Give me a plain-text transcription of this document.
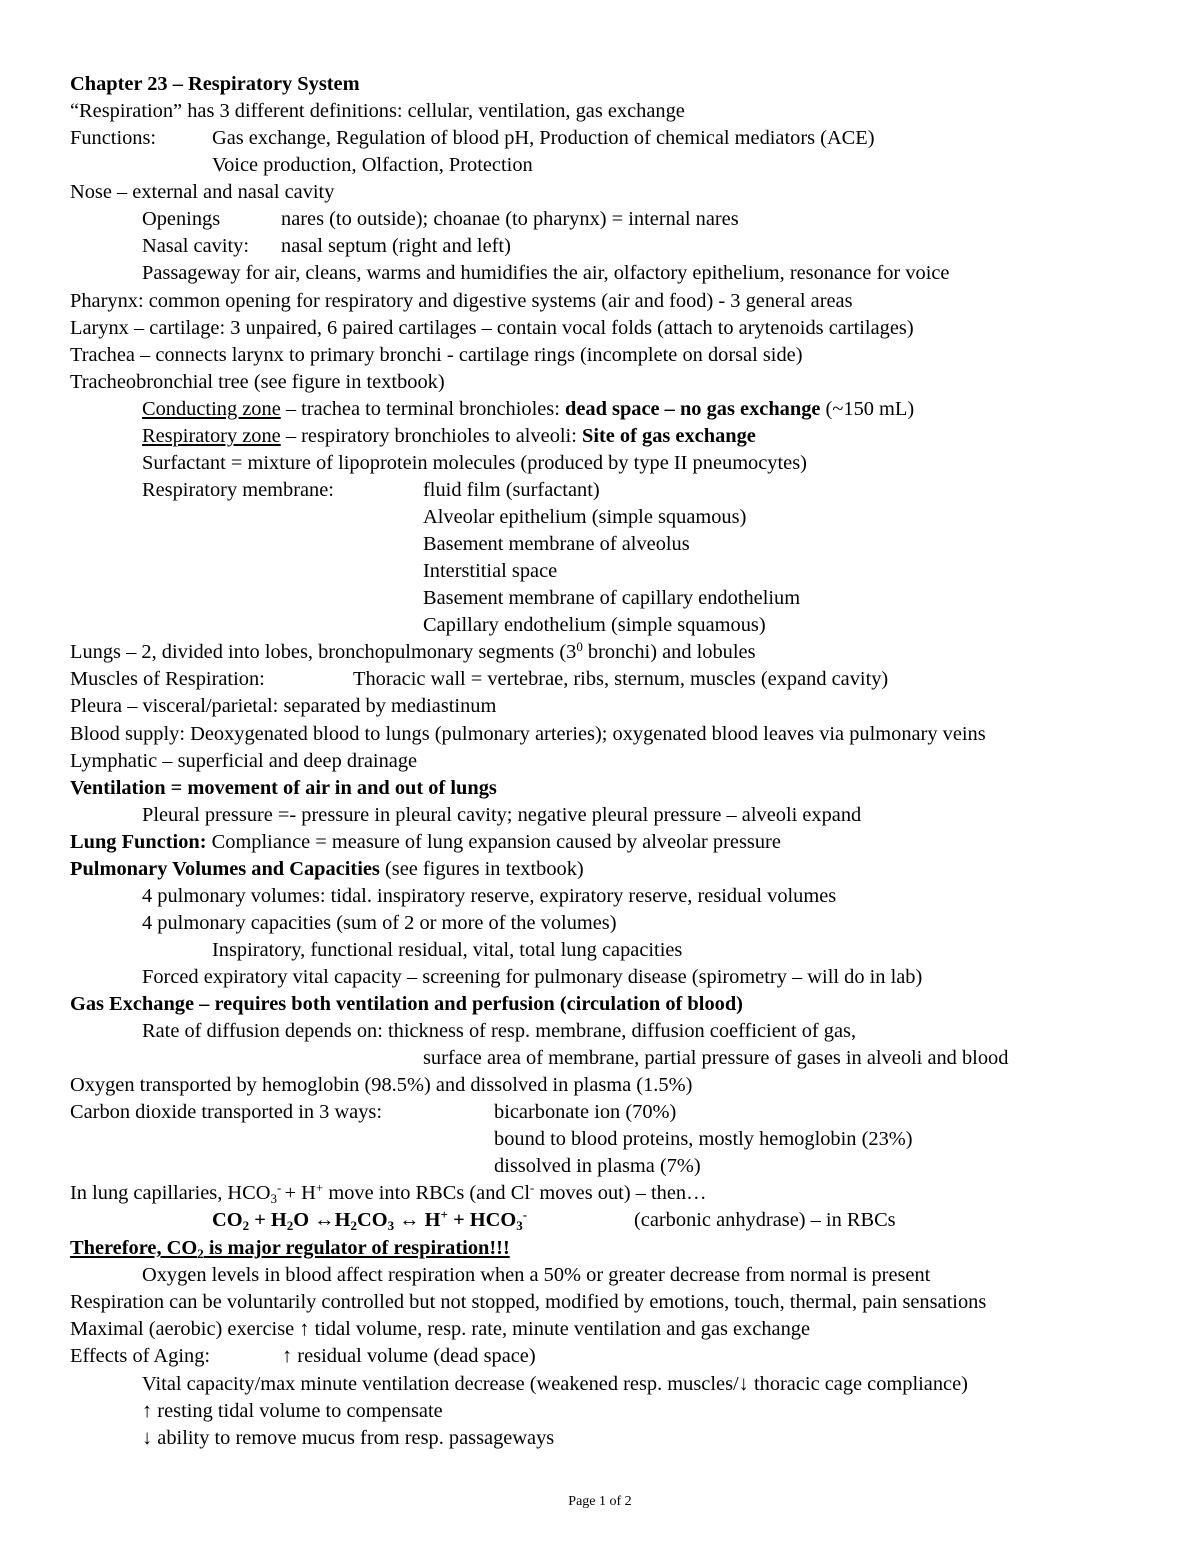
Chapter 23 – Respiratory System
“Respiration” has 3 different definitions: cellular, ventilation, gas exchange
Functions:	Gas exchange, Regulation of blood pH, Production of chemical mediators (ACE)
Voice production, Olfaction, Protection
Nose – external and nasal cavity
Openings	nares (to outside); choanae (to pharynx) = internal nares
Nasal cavity: nasal septum (right and left)
Passageway for air, cleans, warms and humidifies the air, olfactory epithelium, resonance for voice
Pharynx: common opening for respiratory and digestive systems (air and food) - 3 general areas
Larynx – cartilage: 3 unpaired, 6 paired cartilages – contain vocal folds (attach to arytenoids cartilages)
Trachea – connects larynx to primary bronchi - cartilage rings (incomplete on dorsal side)
Tracheobronchial tree (see figure in textbook)
Conducting zone – trachea to terminal bronchioles: dead space – no gas exchange (~150 mL)
Respiratory zone – respiratory bronchioles to alveoli: Site of gas exchange
Surfactant = mixture of lipoprotein molecules (produced by type II pneumocytes)
Respiratory membrane:	fluid film (surfactant)
Alveolar epithelium (simple squamous)
Basement membrane of alveolus
Interstitial space
Basement membrane of capillary endothelium
Capillary endothelium (simple squamous)
Lungs – 2, divided into lobes, bronchopulmonary segments ($3^0$ bronchi) and lobules
Muscles of Respiration:	Thoracic wall = vertebrae, ribs, sternum, muscles (expand cavity)
Pleura – visceral/parietal: separated by mediastinum
Blood supply: Deoxygenated blood to lungs (pulmonary arteries); oxygenated blood leaves via pulmonary veins
Lymphatic – superficial and deep drainage
Ventilation = movement of air in and out of lungs
Pleural pressure =- pressure in pleural cavity; negative pleural pressure – alveoli expand
Lung Function: Compliance = measure of lung expansion caused by alveolar pressure
Pulmonary Volumes and Capacities (see figures in textbook)
4 pulmonary volumes: tidal. inspiratory reserve, expiratory reserve, residual volumes
4 pulmonary capacities (sum of 2 or more of the volumes)
Inspiratory, functional residual, vital, total lung capacities
Forced expiratory vital capacity – screening for pulmonary disease (spirometry – will do in lab)
Gas Exchange – requires both ventilation and perfusion (circulation of blood)
Rate of diffusion depends on: thickness of resp. membrane, diffusion coefficient of gas,
surface area of membrane, partial pressure of gases in alveoli and blood
Oxygen transported by hemoglobin (98.5%) and dissolved in plasma (1.5%)
Carbon dioxide transported in 3 ways:	bicarbonate ion (70%)
bound to blood proteins, mostly hemoglobin (23%)
dissolved in plasma (7%)
In lung capillaries, $HCO_3^- + H^+$ move into RBCs (and Cl- moves out) – then…
$CO_2 + H_2O$ $\leftrightarrow H_2CO_3$ ↔ $H^+ + HCO_3^-$	(carbonic anhydrase) – in RBCs
Therefore, $CO_2$ is major regulator of respiration!!!
Oxygen levels in blood affect respiration when a 50% or greater decrease from normal is present
Respiration can be voluntarily controlled but not stopped, modified by emotions, touch, thermal, pain sensations
Maximal (aerobic) exercise ↑ tidal volume, resp. rate, minute ventilation and gas exchange
Effects of Aging:	↑ residual volume (dead space)
Vital capacity/max minute ventilation decrease (weakened resp. muscles/↓ thoracic cage compliance)
↑ resting tidal volume to compensate
↓ ability to remove mucus from resp. passageways
Page 1 of 2
